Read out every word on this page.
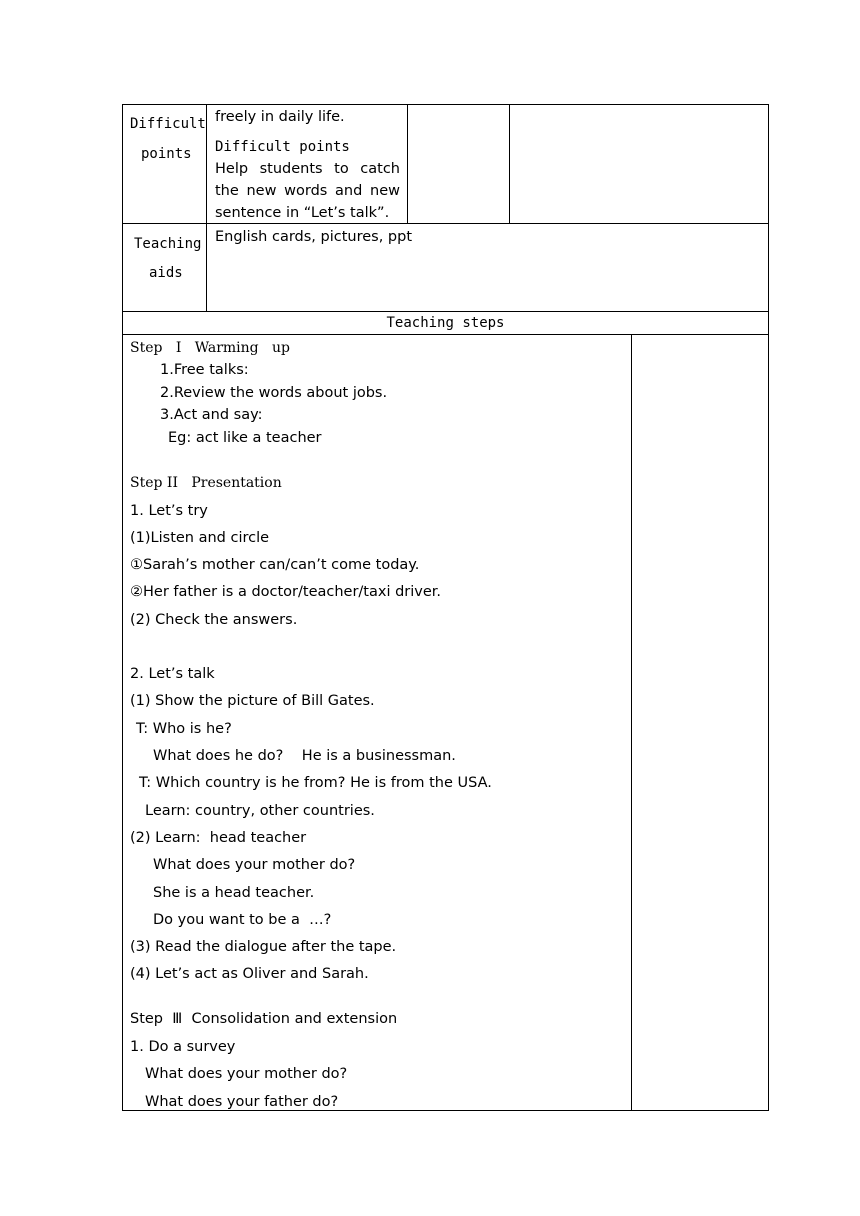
Difficult
points
freely in daily life.
Difficult points
Help students to catch
the new words and new
sentence in “Let’s talk”.
Teaching
aids
English cards, pictures, ppt
Teaching steps
Step   I   Warming   up
1.Free talks:
2.Review the words about jobs.
3.Act and say:
Eg: act like a teacher
Step II   Presentation
1. Let’s try
(1)Listen and circle
①Sarah’s mother can/can’t come today.
②Her father is a doctor/teacher/taxi driver.
(2) Check the answers.
2. Let’s talk
(1) Show the picture of Bill Gates.
T: Who is he?
What does he do?    He is a businessman.
T: Which country is he from? He is from the USA.
Learn: country, other countries.
(2) Learn:  head teacher
What does your mother do?
She is a head teacher.
Do you want to be a  …?
(3) Read the dialogue after the tape.
(4) Let’s act as Oliver and Sarah.
Step  Ⅲ  Consolidation and extension
1. Do a survey
What does your mother do?
What does your father do?
